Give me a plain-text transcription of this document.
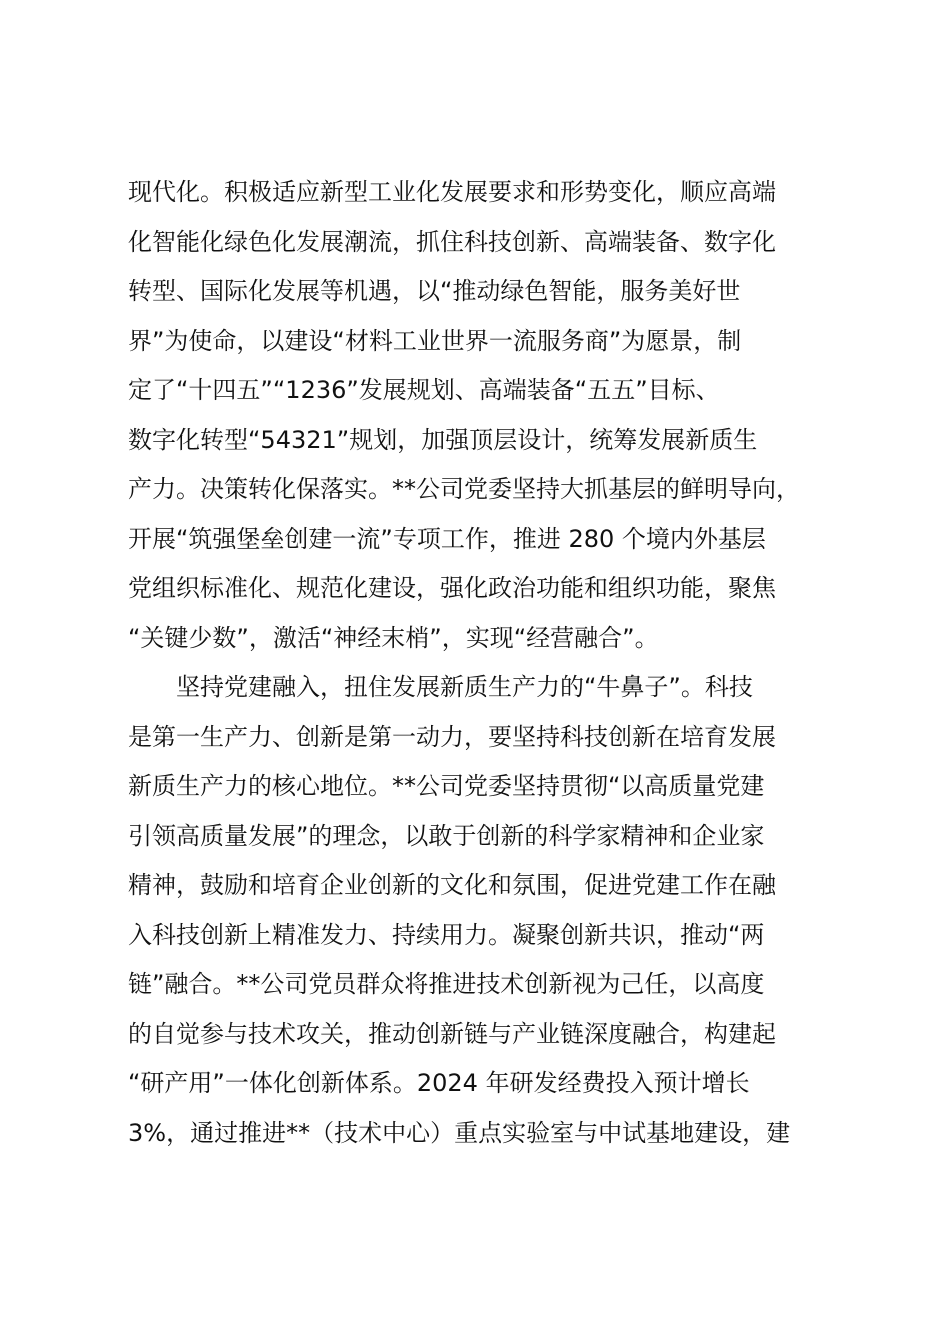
现代化。积极适应新型工业化发展要求和形势变化，顺应高端
化智能化绿色化发展潮流，抓住科技创新、高端装备、数字化
转型、国际化发展等机遇，以“推动绿色智能，服务美好世
界”为使命，以建设“材料工业世界一流服务商”为愿景，制
定了“十四五”“1236”发展规划、高端装备“五五”目标、
数字化转型“54321”规划，加强顶层设计，统筹发展新质生
产力。决策转化保落实。**公司党委坚持大抓基层的鲜明导向，
开展“筑强堡垒创建一流”专项工作，推进 280 个境内外基层
党组织标准化、规范化建设，强化政治功能和组织功能，聚焦
“关键少数”，激活“神经末梢”，实现“经营融合”。
坚持党建融入，扭住发展新质生产力的“牛鼻子”。科技
是第一生产力、创新是第一动力，要坚持科技创新在培育发展
新质生产力的核心地位。**公司党委坚持贯彻“以高质量党建
引领高质量发展”的理念，以敢于创新的科学家精神和企业家
精神，鼓励和培育企业创新的文化和氛围，促进党建工作在融
入科技创新上精准发力、持续用力。凝聚创新共识，推动“两
链”融合。**公司党员群众将推进技术创新视为己任，以高度
的自觉参与技术攻关，推动创新链与产业链深度融合，构建起
“研产用”一体化创新体系。2024 年研发经费投入预计增长
3%，通过推进**（技术中心）重点实验室与中试基地建设，建
